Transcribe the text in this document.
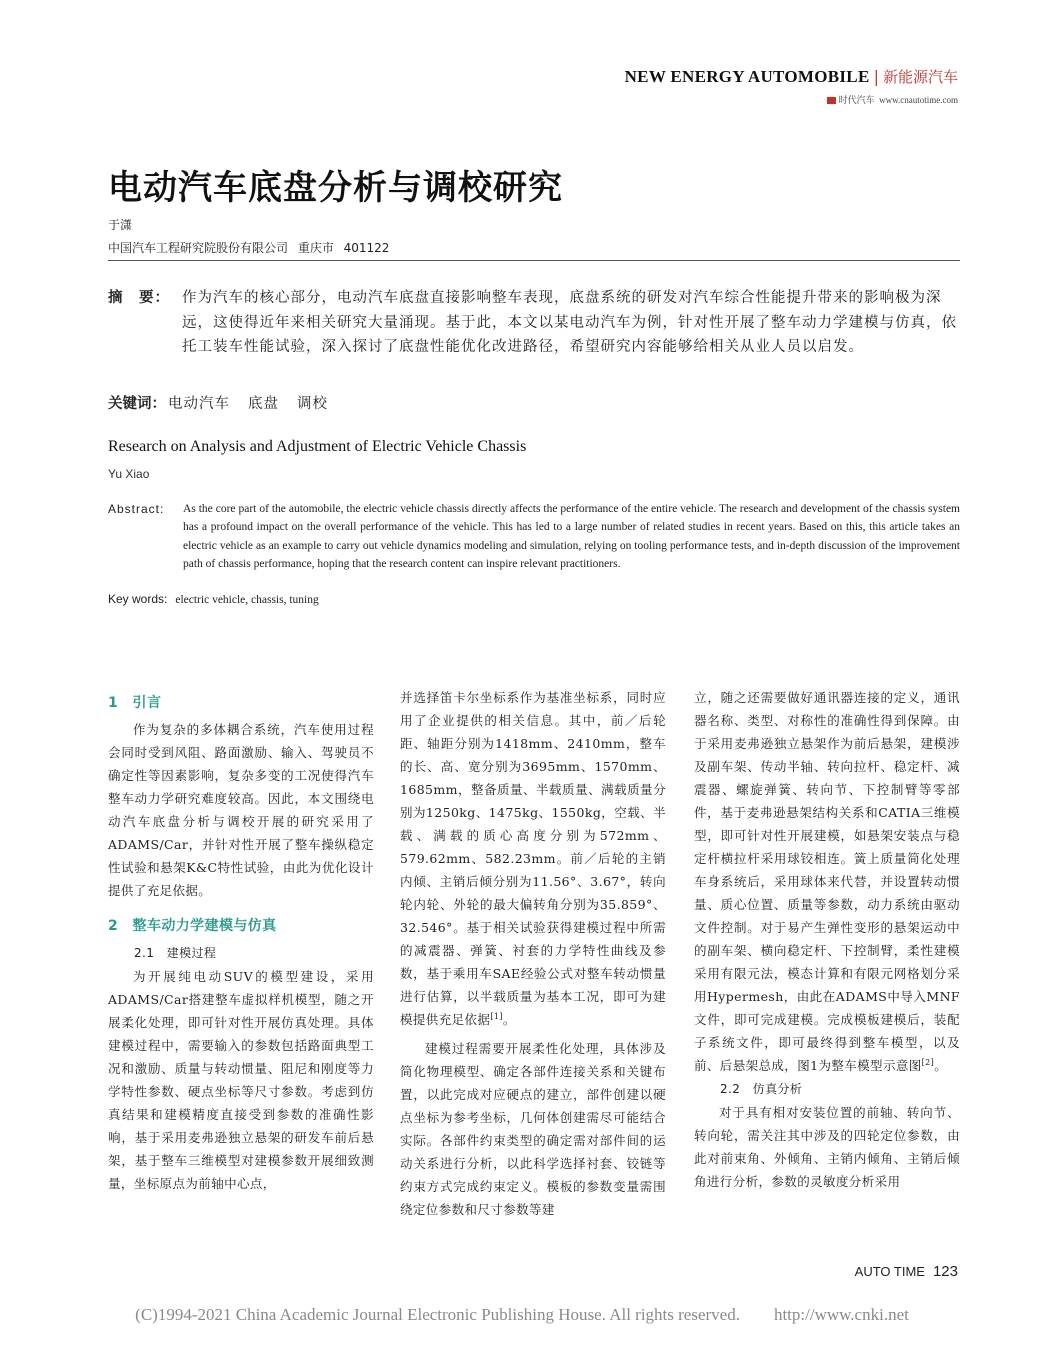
NEW ENERGY AUTOMOBILE | 新能源汽车
时代汽车 www.cnautotime.com
电动汽车底盘分析与调校研究
于潇
中国汽车工程研究院股份有限公司 重庆市 401122
摘　要： 作为汽车的核心部分，电动汽车底盘直接影响整车表现，底盘系统的研发对汽车综合性能提升带来的影响极为深远，这使得近年来相关研究大量涌现。基于此，本文以某电动汽车为例，针对性开展了整车动力学建模与仿真，依托工装车性能试验，深入探讨了底盘性能优化改进路径，希望研究内容能够给相关从业人员以启发。
关键词： 电动汽车 底盘 调校
Research on Analysis and Adjustment of Electric Vehicle Chassis
Yu Xiao
Abstract: As the core part of the automobile, the electric vehicle chassis directly affects the performance of the entire vehicle. The research and development of the chassis system has a profound impact on the overall performance of the vehicle. This has led to a large number of related studies in recent years. Based on this, this article takes an electric vehicle as an example to carry out vehicle dynamics modeling and simulation, relying on tooling performance tests, and in-depth discussion of the improvement path of chassis performance, hoping that the research content can inspire relevant practitioners.
Key words: electric vehicle, chassis, tuning
1　引言

作为复杂的多体耦合系统，汽车使用过程会同时受到风阻、路面激励、输入、驾驶员不确定性等因素影响，复杂多变的工况使得汽车整车动力学研究难度较高。因此，本文围绕电动汽车底盘分析与调校开展的研究采用了ADAMS/Car，并针对性开展了整车操纵稳定性试验和悬架K&C特性试验，由此为优化设计提供了充足依据。

2　整车动力学建模与仿真
2.1　建模过程

为开展纯电动SUV的模型建设，采用ADAMS/Car搭建整车虚拟样机模型，随之开展柔化处理，即可针对性开展仿真处理。具体建模过程中，需要输入的参数包括路面典型工况和激励、质量与转动惯量、阻尼和刚度等力学特性参数、硬点坐标等尺寸参数。考虑到仿真结果和建模精度直接受到参数的准确性影响，基于采用麦弗逊独立悬架的研发车前后悬架，基于整车三维模型对建模参数开展细致测量，坐标原点为前轴中心点，

并选择笛卡尔坐标系作为基准坐标系，同时应用了企业提供的相关信息。其中，前／后轮距、轴距分别为1418mm、2410mm，整车的长、高、宽分别为3695mm、1570mm、1685mm，整备质量、半载质量、满载质量分别为1250kg、1475kg、1550kg，空载、半载、满载的质心高度分别为572mm、579.62mm、582.23mm。前／后轮的主销内倾、主销后倾分别为11.56°、3.67°，转向轮内轮、外轮的最大偏转角分别为35.859°、32.546°。基于相关试验获得建模过程中所需的减震器、弹簧、衬套的力学特性曲线及参数，基于乘用车SAE经验公式对整车转动惯量进行估算，以半载质量为基本工况，即可为建模提供充足依据[1]。

建模过程需要开展柔性化处理，具体涉及简化物理模型、确定各部件连接关系和关键布置，以此完成对应硬点的建立，部件创建以硬点坐标为参考坐标，几何体创建需尽可能结合实际。各部件约束类型的确定需对部件间的运动关系进行分析，以此科学选择衬套、铰链等约束方式完成约束定义。模板的参数变量需围绕定位参数和尺寸参数等建

立，随之还需要做好通讯器连接的定义，通讯器名称、类型、对称性的准确性得到保障。由于采用麦弗逊独立悬架作为前后悬架，建模涉及副车架、传动半轴、转向拉杆、稳定杆、减震器、螺旋弹簧、转向节、下控制臂等零部件，基于麦弗逊悬架结构关系和CATIA三维模型，即可针对性开展建模，如悬架安装点与稳定杆横拉杆采用球铰相连。簧上质量简化处理车身系统后，采用球体来代替，并设置转动惯量、质心位置、质量等参数，动力系统由驱动文件控制。对于易产生弹性变形的悬架运动中的副车架、横向稳定杆、下控制臂，柔性建模采用有限元法，模态计算和有限元网格划分采用Hypermesh，由此在ADAMS中导入MNF文件，即可完成建模。完成模板建模后，装配子系统文件，即可最终得到整车模型，以及前、后悬架总成，图1为整车模型示意图[2]。

2.2　仿真分析

对于具有相对安装位置的前轴、转向节、转向轮，需关注其中涉及的四轮定位参数，由此对前束角、外倾角、主销内倾角、主销后倾角进行分析，参数的灵敏度分析采用

AUTO TIME 123
(C)1994-2021 China Academic Journal Electronic Publishing House. All rights reserved.　　http://www.cnki.net
